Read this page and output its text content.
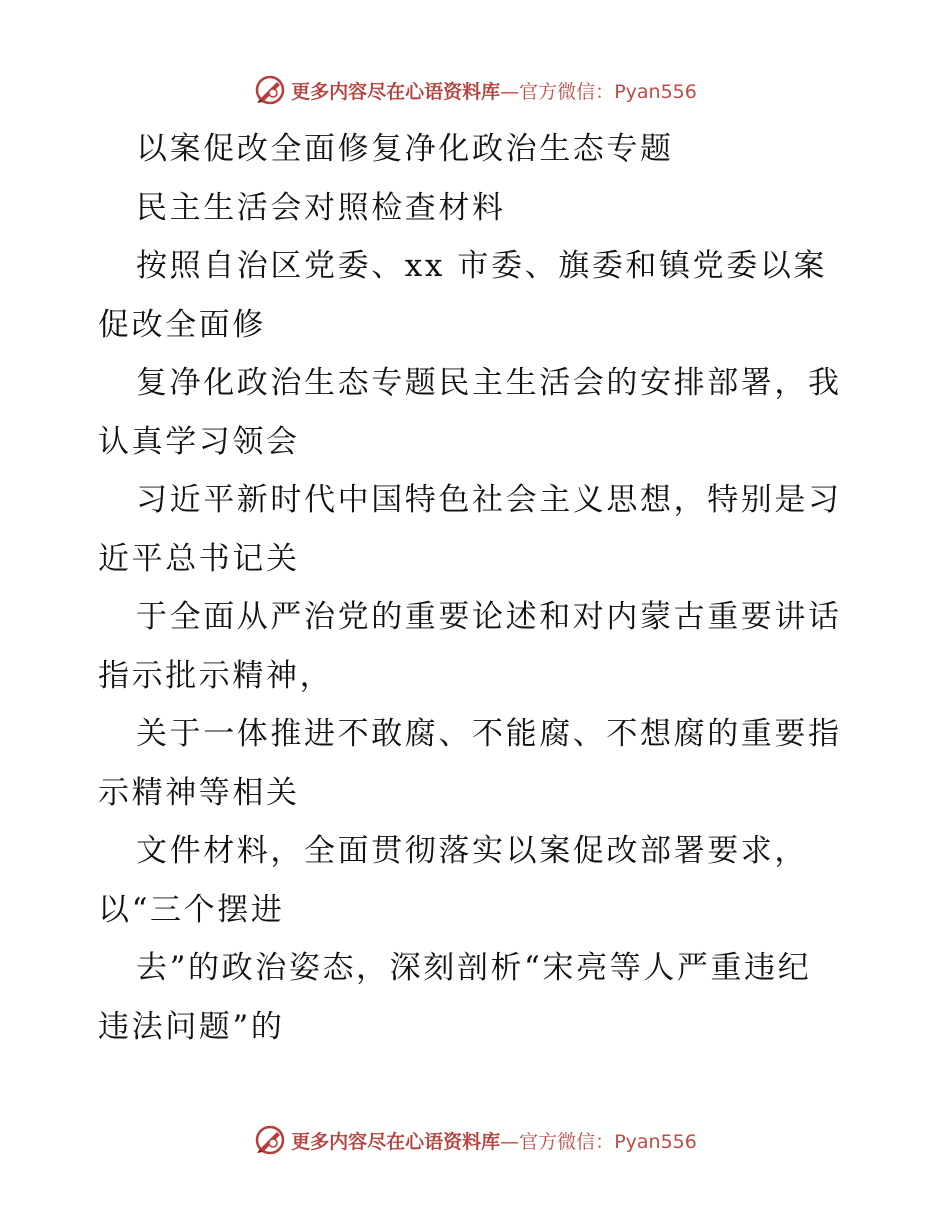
更多内容尽在心语资料库—官方微信：Pyan556
以案促改全面修复净化政治生态专题
民主生活会对照检查材料
按照自治区党委、xx 市委、旗委和镇党委以案
促改全面修
复净化政治生态专题民主生活会的安排部署，我
认真学习领会
习近平新时代中国特色社会主义思想，特别是习
近平总书记关
于全面从严治党的重要论述和对内蒙古重要讲话
指示批示精神，
关于一体推进不敢腐、不能腐、不想腐的重要指
示精神等相关
文件材料，全面贯彻落实以案促改部署要求，
以“三个摆进
去”的政治姿态，深刻剖析“宋亮等人严重违纪
违法问题”的
更多内容尽在心语资料库—官方微信：Pyan556
